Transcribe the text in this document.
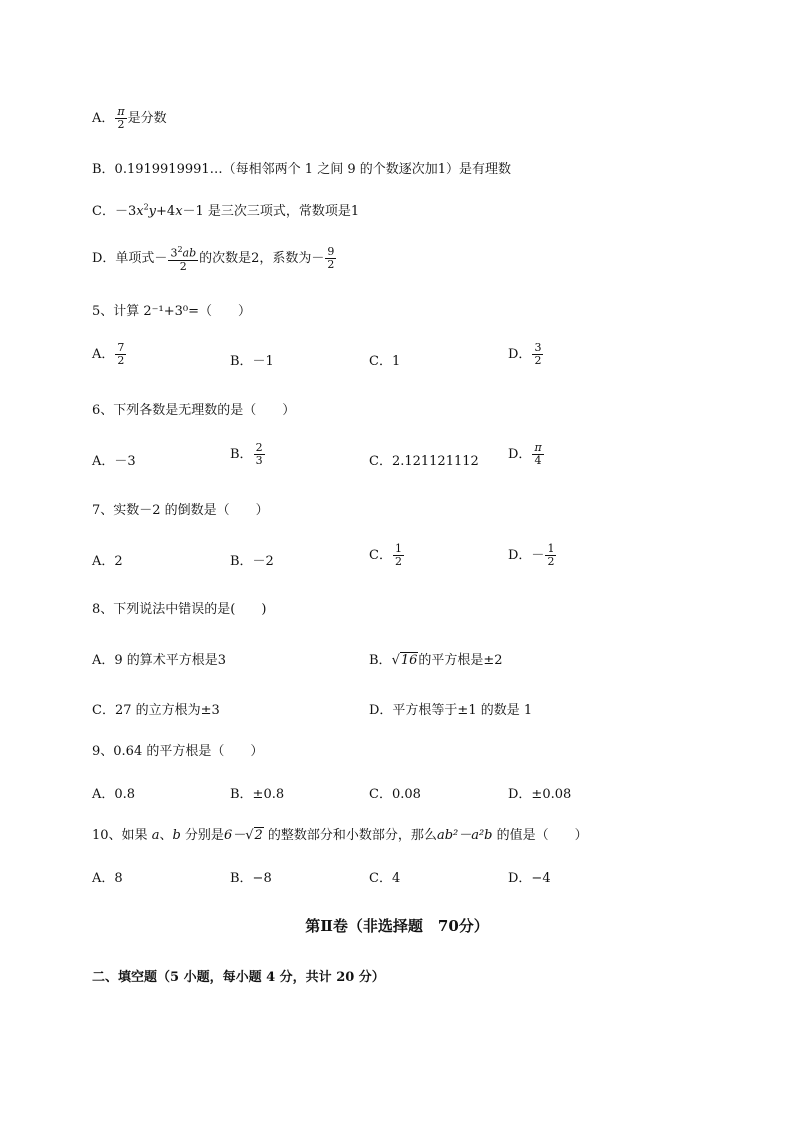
A． $\frac{\pi}{2}$ 是分数
B．0.1919919991…（每相邻两个 1 之间 9 的个数逐次加1）是有理数
C．$-3x^2y+4x-1$ 是三次三项式，常数项是1
D．单项式－ $\frac{3^2ab}{2}$ 的次数是2，系数为－ $\frac{9}{2}$
5、计算 2⁻¹+3⁰=（　　）
A． $\frac{7}{2}$	B．－1	C．1	D． $\frac{3}{2}$
6、下列各数是无理数的是（　　）
A．－3	B． $\frac{2}{3}$	C．2.121121112 D． $\frac{\pi}{4}$
7、实数－2 的倒数是（　　）
A．2	B．－2	C． $\frac{1}{2}$	D．－ $\frac{1}{2}$
8、下列说法中错误的是(　　)
A．9 的算术平方根是3	B．√16的平方根是±2
C．27 的立方根为±3	D．平方根等于±1 的数是 1
9、0.64 的平方根是（　　）
A．0.8	B．±0.8	C．0.08	D．±0.08
10、如果 a、b 分别是6－√2 的整数部分和小数部分，那么ab²－a²b 的值是（　　）
A．8	B．−8	C．4	D．−4
第Ⅱ卷（非选择题　70分）
二、填空题（5 小题，每小题 4 分，共计 20 分）
